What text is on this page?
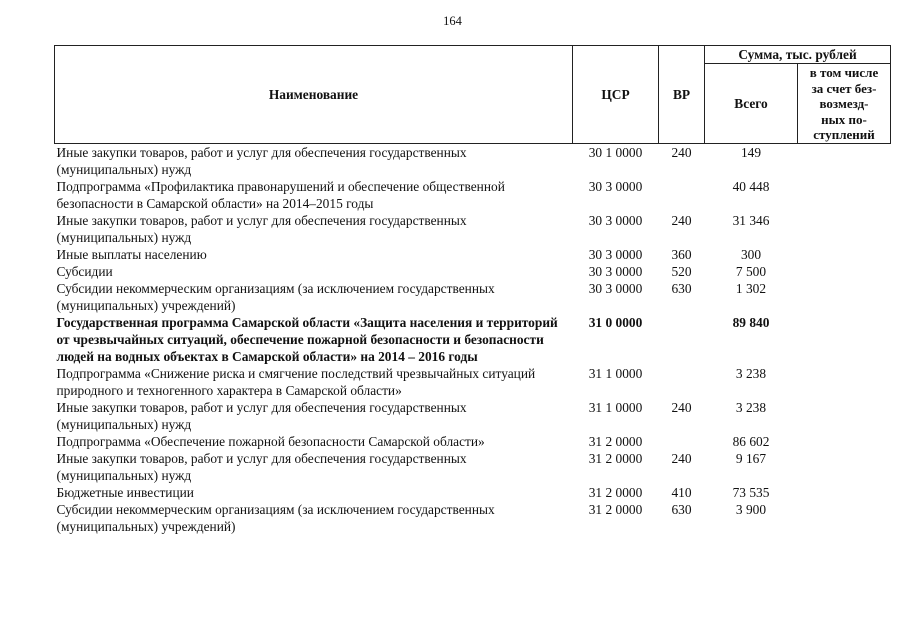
164
Наименование	ЦСР	ВР	Сумма, тыс. рублей	
			Всего	в том числе
за счет без-
возмезд-
ных по-
ступлений

Иные закупки товаров, работ и услуг для обеспечения государственных (муниципальных) нужд	30 1 0000	240	149	
Подпрограмма «Профилактика правонарушений и обеспечение общественной безопасности в Самарской области» на 2014–2015 годы	30 3 0000		40 448	
Иные закупки товаров, работ и услуг для обеспечения государственных (муниципальных) нужд	30 3 0000	240	31 346	
Иные выплаты населению	30 3 0000	360	300	
Субсидии	30 3 0000	520	7 500	
Субсидии некоммерческим организациям (за исключением государственных (муниципальных) учреждений)	30 3 0000	630	1 302	
Государственная программа Самарской области «Защита населения и территорий от чрезвычайных ситуаций, обеспечение пожарной безопасности и безопасности людей на водных объектах в Самарской области» на 2014 – 2016 годы	31 0 0000		89 840	
Подпрограмма «Снижение риска и смягчение последствий чрезвычайных ситуаций природного и техногенного характера в Самарской области»	31 1 0000		3 238	
Иные закупки товаров, работ и услуг для обеспечения государственных (муниципальных) нужд	31 1 0000	240	3 238	
Подпрограмма «Обеспечение пожарной безопасности Самарской области»	31 2 0000		86 602	
Иные закупки товаров, работ и услуг для обеспечения государственных (муниципальных) нужд	31 2 0000	240	9 167	
Бюджетные инвестиции	31 2 0000	410	73 535	
Субсидии некоммерческим организациям (за исключением государственных (муниципальных) учреждений)	31 2 0000	630	3 900	
